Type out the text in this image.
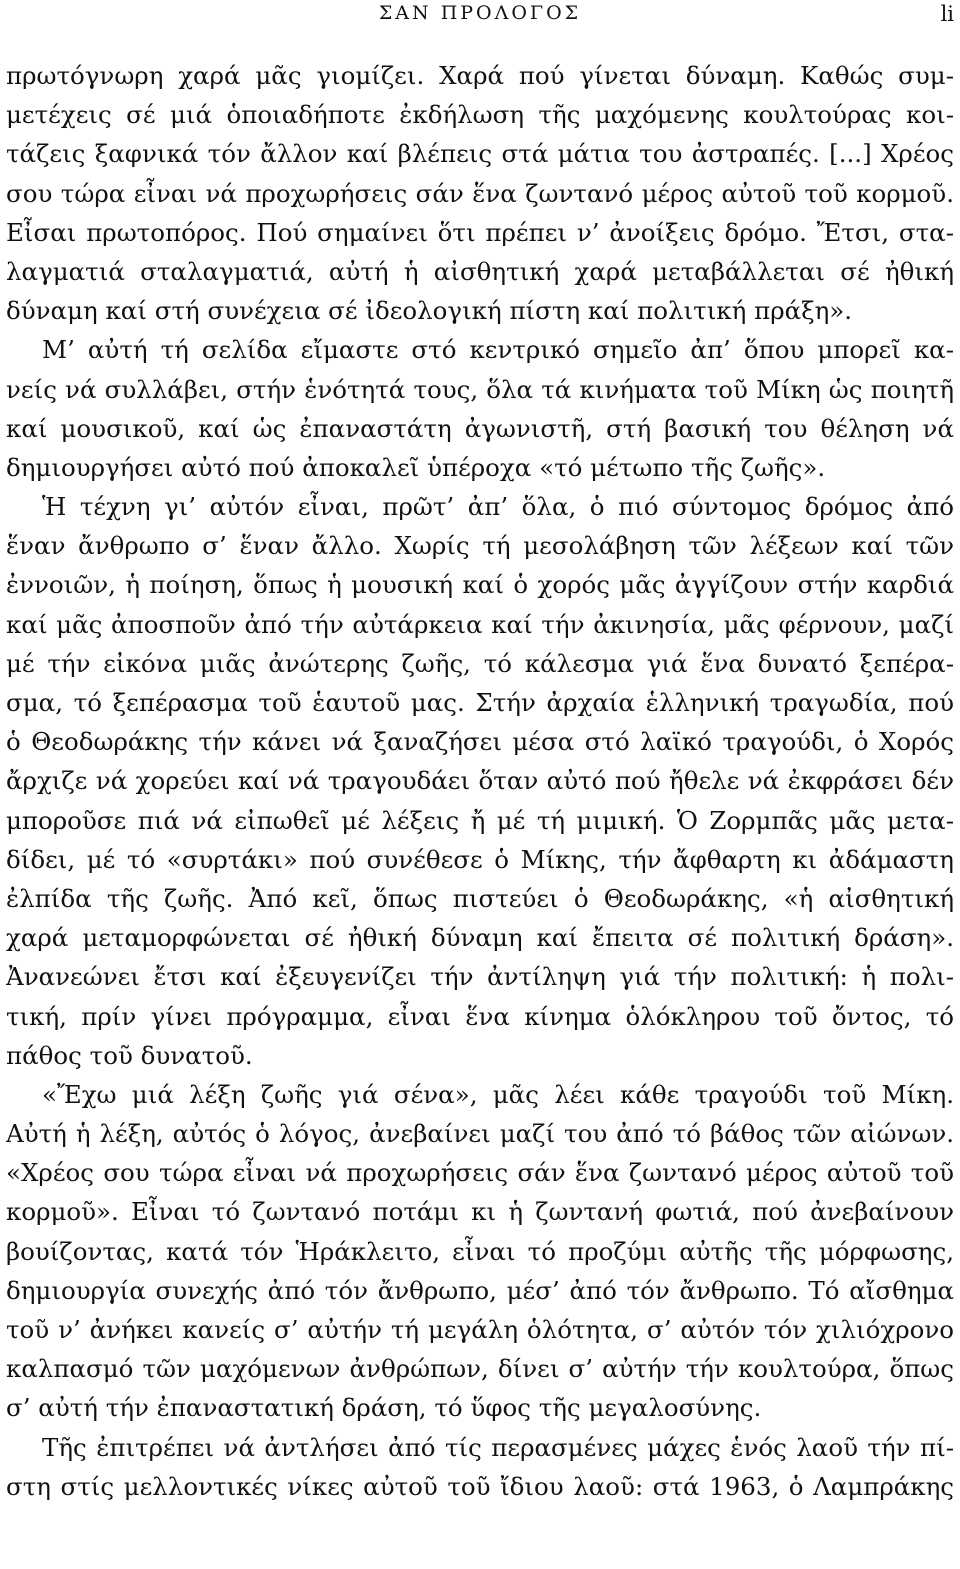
ΣΑΝ ΠΡΟΛΟΓΟΣ	li
πρωτόγνωρη χαρά μᾶς γιομίζει. Χαρά πού γίνεται δύναμη. Καθώς συμ-
μετέχεις σέ μιά ὁποιαδήποτε ἐκδήλωση τῆς μαχόμενης κουλτούρας κοι-
τάζεις ξαφνικά τόν ἄλλον καί βλέπεις στά μάτια του ἀστραπές. [...] Χρέος
σου τώρα εἶναι νά προχωρήσεις σάν ἕνα ζωντανό μέρος αὐτοῦ τοῦ κορμοῦ.
Εἶσαι πρωτοπόρος. Πού σημαίνει ὅτι πρέπει ν’ ἀνοίξεις δρόμο. Ἔτσι, στα-
λαγματιά σταλαγματιά, αὐτή ἡ αἰσθητική χαρά μεταβάλλεται σέ ἠθική
δύναμη καί στή συνέχεια σέ ἰδεολογική πίστη καί πολιτική πράξη».
Μ’ αὐτή τή σελίδα εἴμαστε στό κεντρικό σημεῖο ἀπ’ ὅπου μπορεῖ κα-
νείς νά συλλάβει, στήν ἑνότητά τους, ὅλα τά κινήματα τοῦ Μίκη ὡς ποιητῆ
καί μουσικοῦ, καί ὡς ἐπαναστάτη ἀγωνιστῆ, στή βασική του θέληση νά
δημιουργήσει αὐτό πού ἀποκαλεῖ ὑπέροχα «τό μέτωπο τῆς ζωῆς».
Ἡ τέχνη γι’ αὐτόν εἶναι, πρῶτ’ ἀπ’ ὅλα, ὁ πιό σύντομος δρόμος ἀπό
ἕναν ἄνθρωπο σ’ ἕναν ἄλλο. Χωρίς τή μεσολάβηση τῶν λέξεων καί τῶν
ἐννοιῶν, ἡ ποίηση, ὅπως ἡ μουσική καί ὁ χορός μᾶς ἀγγίζουν στήν καρδιά
καί μᾶς ἀποσποῦν ἀπό τήν αὐτάρκεια καί τήν ἀκινησία, μᾶς φέρνουν, μαζί
μέ τήν εἰκόνα μιᾶς ἀνώτερης ζωῆς, τό κάλεσμα γιά ἕνα δυνατό ξεπέρα-
σμα, τό ξεπέρασμα τοῦ ἑαυτοῦ μας. Στήν ἀρχαία ἑλληνική τραγωδία, πού
ὁ Θεοδωράκης τήν κάνει νά ξαναζήσει μέσα στό λαϊκό τραγούδι, ὁ Χορός
ἄρχιζε νά χορεύει καί νά τραγουδάει ὅταν αὐτό πού ἤθελε νά ἐκφράσει δέν
μποροῦσε πιά νά εἰπωθεῖ μέ λέξεις ἤ μέ τή μιμική. Ὁ Ζορμπᾶς μᾶς μετα-
δίδει, μέ τό «συρτάκι» πού συνέθεσε ὁ Μίκης, τήν ἄφθαρτη κι ἀδάμαστη
ἐλπίδα τῆς ζωῆς. Ἀπό κεῖ, ὅπως πιστεύει ὁ Θεοδωράκης, «ἡ αἰσθητική
χαρά μεταμορφώνεται σέ ἠθική δύναμη καί ἔπειτα σέ πολιτική δράση».
Ἀνανεώνει ἔτσι καί ἐξευγενίζει τήν ἀντίληψη γιά τήν πολιτική: ἡ πολι-
τική, πρίν γίνει πρόγραμμα, εἶναι ἕνα κίνημα ὁλόκληρου τοῦ ὄντος, τό
πάθος τοῦ δυνατοῦ.
«Ἔχω μιά λέξη ζωῆς γιά σένα», μᾶς λέει κάθε τραγούδι τοῦ Μίκη.
Αὐτή ἡ λέξη, αὐτός ὁ λόγος, ἀνεβαίνει μαζί του ἀπό τό βάθος τῶν αἰώνων.
«Χρέος σου τώρα εἶναι νά προχωρήσεις σάν ἕνα ζωντανό μέρος αὐτοῦ τοῦ
κορμοῦ». Εἶναι τό ζωντανό ποτάμι κι ἡ ζωντανή φωτιά, πού ἀνεβαίνουν
βουίζοντας, κατά τόν Ἡράκλειτο, εἶναι τό προζύμι αὐτῆς τῆς μόρφωσης,
δημιουργία συνεχής ἀπό τόν ἄνθρωπο, μέσ’ ἀπό τόν ἄνθρωπο. Τό αἴσθημα
τοῦ ν’ ἀνήκει κανείς σ’ αὐτήν τή μεγάλη ὁλότητα, σ’ αὐτόν τόν χιλιόχρονο
καλπασμό τῶν μαχόμενων ἀνθρώπων, δίνει σ’ αὐτήν τήν κουλτούρα, ὅπως
σ’ αὐτή τήν ἐπαναστατική δράση, τό ὕφος τῆς μεγαλοσύνης.
Τῆς ἐπιτρέπει νά ἀντλήσει ἀπό τίς περασμένες μάχες ἑνός λαοῦ τήν πί-
στη στίς μελλοντικές νίκες αὐτοῦ τοῦ ἴδιου λαοῦ: στά 1963, ὁ Λαμπράκης
